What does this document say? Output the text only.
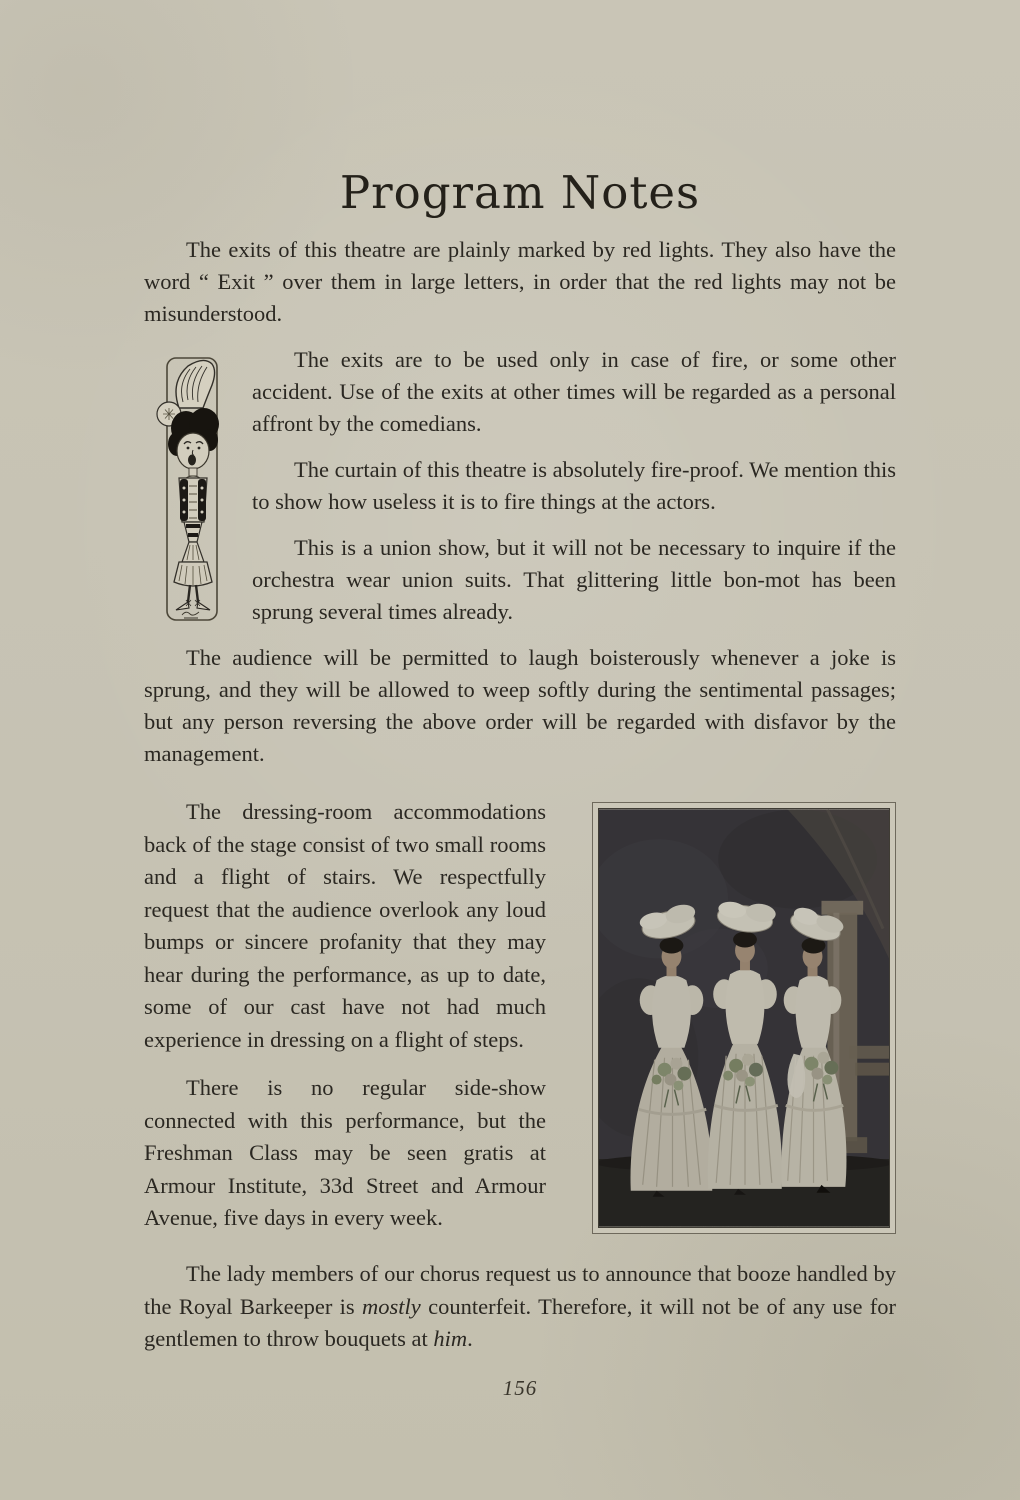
Program Notes

The exits of this theatre are plainly marked by red lights. They also have the word “ Exit ” over them in large letters, in order that the red lights may not be misunderstood.

The exits are to be used only in case of fire, or some other accident. Use of the exits at other times will be regarded as a personal affront by the comedians.

The curtain of this theatre is absolutely fire-proof. We mention this to show how useless it is to fire things at the actors.

This is a union show, but it will not be necessary to inquire if the orchestra wear union suits. That glittering little bon-mot has been sprung several times already.

The audience will be permitted to laugh boisterously whenever a joke is sprung, and they will be allowed to weep softly during the sentimental passages; but any person reversing the above order will be regarded with disfavor by the management.

The dressing-room accommodations back of the stage consist of two small rooms and a flight of stairs. We respectfully request that the audience overlook any loud bumps or sincere profanity that they may hear during the performance, as up to date, some of our cast have not had much experience in dressing on a flight of steps.

There is no regular side-show connected with this performance, but the Freshman Class may be seen gratis at Armour Institute, 33d Street and Armour Avenue, five days in every week.

The lady members of our chorus request us to announce that booze handled by the Royal Barkeeper is mostly counterfeit. Therefore, it will not be of any use for gentlemen to throw bouquets at him.

156
